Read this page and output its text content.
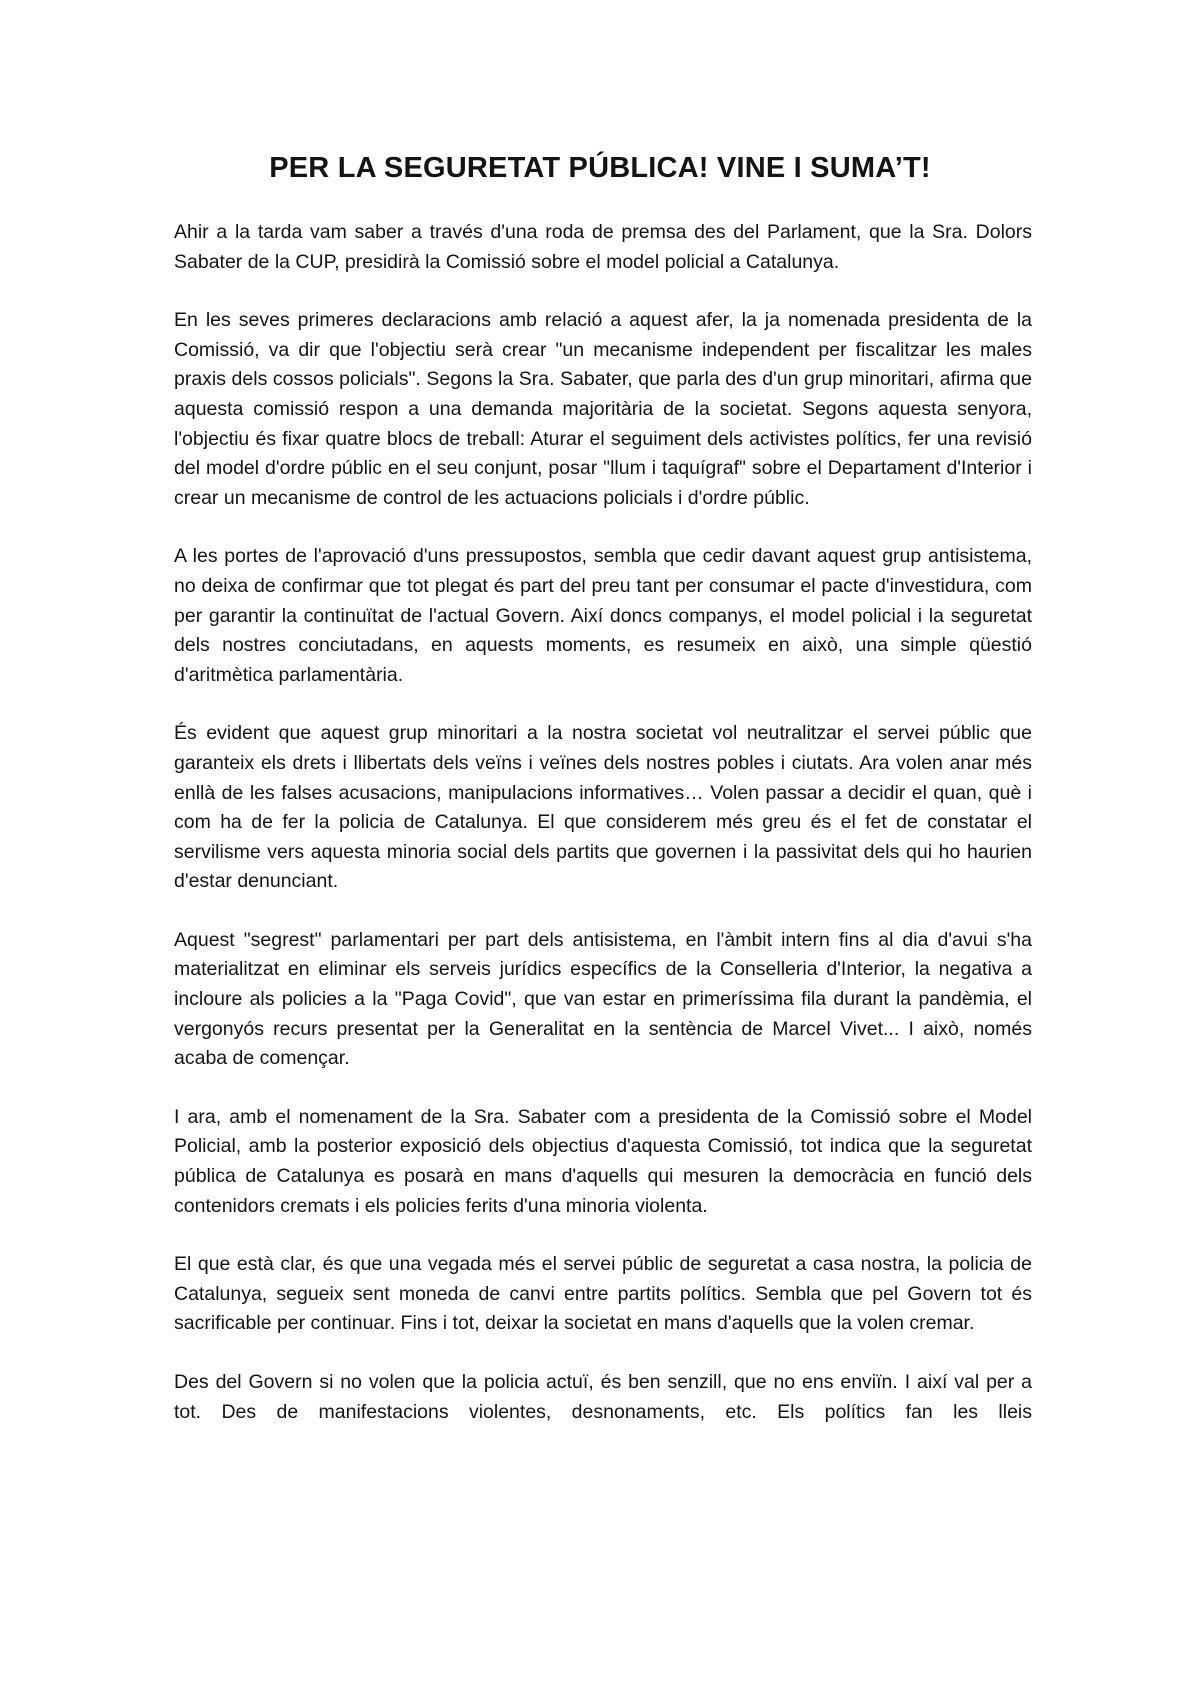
PER LA SEGURETAT PÚBLICA! VINE I SUMA’T!

Ahir a la tarda vam saber a través d'una roda de premsa des del Parlament, que la Sra. Dolors Sabater de la CUP, presidirà la Comissió sobre el model policial a Catalunya.

En les seves primeres declaracions amb relació a aquest afer, la ja nomenada presidenta de la Comissió, va dir que l'objectiu serà crear "un mecanisme independent per fiscalitzar les males praxis dels cossos policials". Segons la Sra. Sabater, que parla des d'un grup minoritari, afirma que aquesta comissió respon a una demanda majoritària de la societat. Segons aquesta senyora, l'objectiu és fixar quatre blocs de treball: Aturar el seguiment dels activistes polítics, fer una revisió del model d'ordre públic en el seu conjunt, posar "llum i taquígraf" sobre el Departament d'Interior i crear un mecanisme de control de les actuacions policials i d'ordre públic.

A les portes de l'aprovació d'uns pressupostos, sembla que cedir davant aquest grup antisistema, no deixa de confirmar que tot plegat és part del preu tant per consumar el pacte d'investidura, com per garantir la continuïtat de l'actual Govern. Així doncs companys, el model policial i la seguretat dels nostres conciutadans, en aquests moments, es resumeix en això, una simple qüestió d'aritmètica parlamentària.

És evident que aquest grup minoritari a la nostra societat vol neutralitzar el servei públic que garanteix els drets i llibertats dels veïns i veïnes dels nostres pobles i ciutats. Ara volen anar més enllà de les falses acusacions, manipulacions informatives… Volen passar a decidir el quan, què i com ha de fer la policia de Catalunya. El que considerem més greu és el fet de constatar el servilisme vers aquesta minoria social dels partits que governen i la passivitat dels qui ho haurien d'estar denunciant.

Aquest "segrest" parlamentari per part dels antisistema, en l'àmbit intern fins al dia d'avui s'ha materialitzat en eliminar els serveis jurídics específics de la Conselleria d'Interior, la negativa a incloure als policies a la "Paga Covid", que van estar en primeríssima fila durant la pandèmia, el vergonyós recurs presentat per la Generalitat en la sentència de Marcel Vivet... I això, només acaba de començar.

I ara, amb el nomenament de la Sra. Sabater com a presidenta de la Comissió sobre el Model Policial, amb la posterior exposició dels objectius d'aquesta Comissió, tot indica que la seguretat pública de Catalunya es posarà en mans d'aquells qui mesuren la democràcia en funció dels contenidors cremats i els policies ferits d'una minoria violenta.

El que està clar, és que una vegada més el servei públic de seguretat a casa nostra, la policia de Catalunya, segueix sent moneda de canvi entre partits polítics. Sembla que pel Govern tot és sacrificable per continuar. Fins i tot, deixar la societat en mans d'aquells que la volen cremar.

Des del Govern si no volen que la policia actuï, és ben senzill, que no ens enviïn. I així val per a tot. Des de manifestacions violentes, desnonaments, etc. Els polítics fan les lleis
